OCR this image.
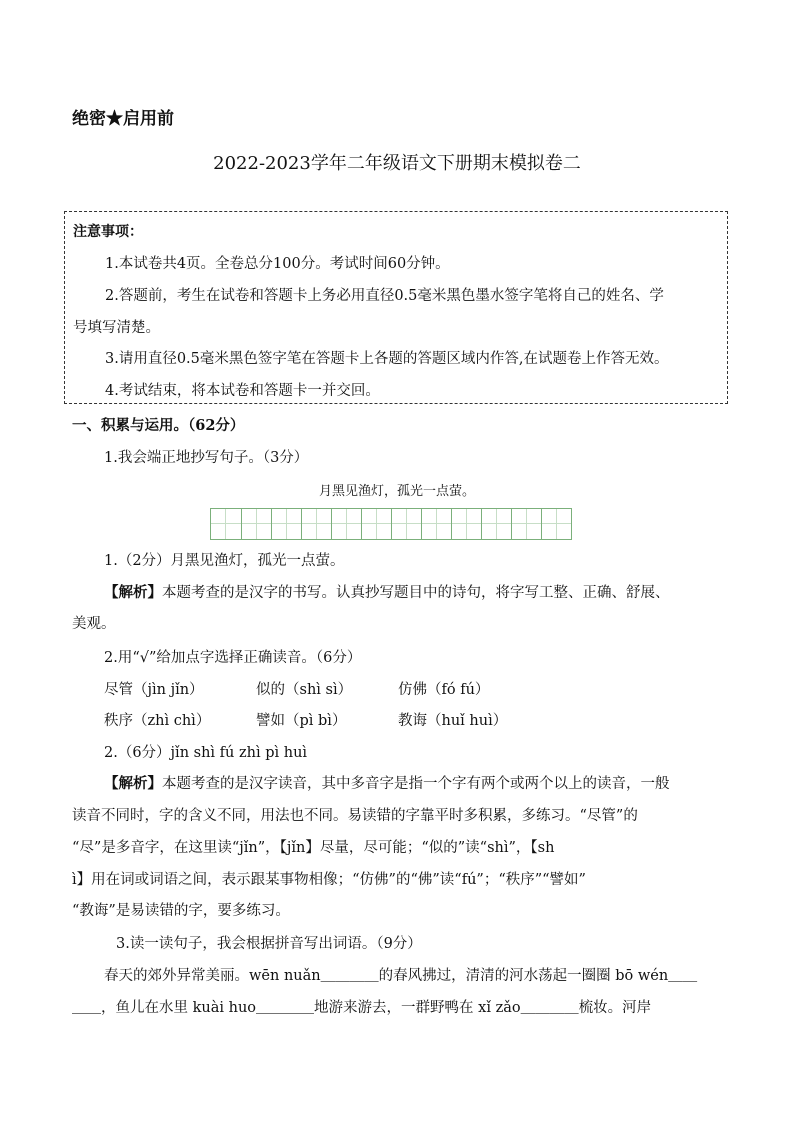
绝密★启用前
2022-2023学年二年级语文下册期末模拟卷二
注意事项：
1.本试卷共4页。全卷总分100分。考试时间60分钟。
2.答题前，考生在试卷和答题卡上务必用直径0.5毫米黑色墨水签字笔将自己的姓名、学
号填写清楚。
3.请用直径0.5毫米黑色签字笔在答题卡上各题的答题区域内作答,在试题卷上作答无效。
4.考试结束，将本试卷和答题卡一并交回。
一、积累与运用。（62分）
1.我会端正地抄写句子。（3分）
月黑见渔灯，孤光一点萤。
1.（2分）月黑见渔灯，孤光一点萤。
【解析】本题考查的是汉字的书写。认真抄写题目中的诗句，将字写工整、正确、舒展、
美观。
2.用“√”给加点字选择正确读音。（6分）
尽管（jìn jǐn）	似的（shì sì）	仿佛（fó fú）
秩序（zhì chì）	譬如（pì bì）	教诲（huǐ huì）
2.（6分）jǐn shì fú zhì pì huì
【解析】本题考查的是汉字读音，其中多音字是指一个字有两个或两个以上的读音，一般
读音不同时，字的含义不同，用法也不同。易读错的字靠平时多积累，多练习。“尽管”的
“尽”是多音字，在这里读“jǐn”，【jǐn】尽量，尽可能；“似的”读“shì”，【sh
ì】用在词或词语之间，表示跟某事物相像；“仿佛”的“佛”读“fú”；“秩序”“譬如”
“教诲”是易读错的字，要多练习。
3.读一读句子，我会根据拼音写出词语。（9分）
春天的郊外异常美丽。wēn nuǎn＿＿＿＿的春风拂过，清清的河水荡起一圈圈 bō wén＿＿
＿＿，鱼儿在水里 kuài huo＿＿＿＿地游来游去，一群野鸭在 xǐ zǎo＿＿＿＿梳妆。河岸
